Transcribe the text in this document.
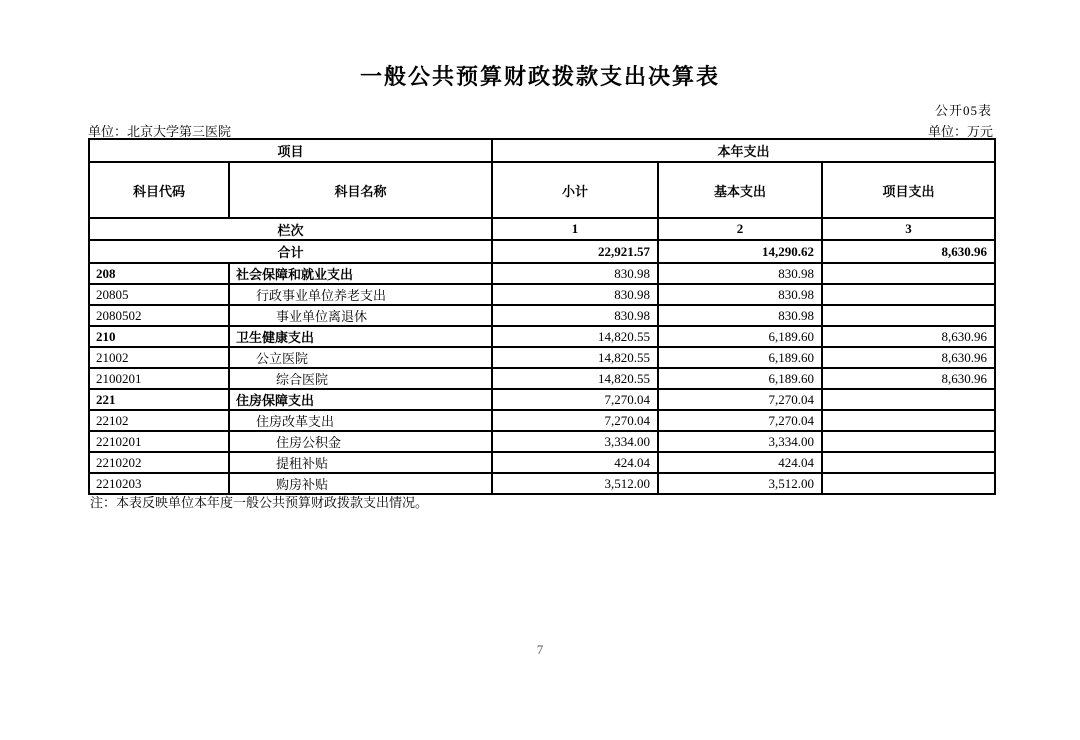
一般公共预算财政拨款支出决算表
公开05表
单位：北京大学第三医院	单位：万元
项目		本年支出		
科目代码	科目名称	小计	基本支出	项目支出
栏次		1	2	3
合计		22,921.57	14,290.62	8,630.96
208	社会保障和就业支出	830.98	830.98	
20805	行政事业单位养老支出	830.98	830.98	
2080502	事业单位离退休	830.98	830.98	
210	卫生健康支出	14,820.55	6,189.60	8,630.96
21002	公立医院	14,820.55	6,189.60	8,630.96
2100201	综合医院	14,820.55	6,189.60	8,630.96
221	住房保障支出	7,270.04	7,270.04	
22102	住房改革支出	7,270.04	7,270.04	
2210201	住房公积金	3,334.00	3,334.00	
2210202	提租补贴	424.04	424.04	
2210203	购房补贴	3,512.00	3,512.00	
注：本表反映单位本年度一般公共预算财政拨款支出情况。
7
